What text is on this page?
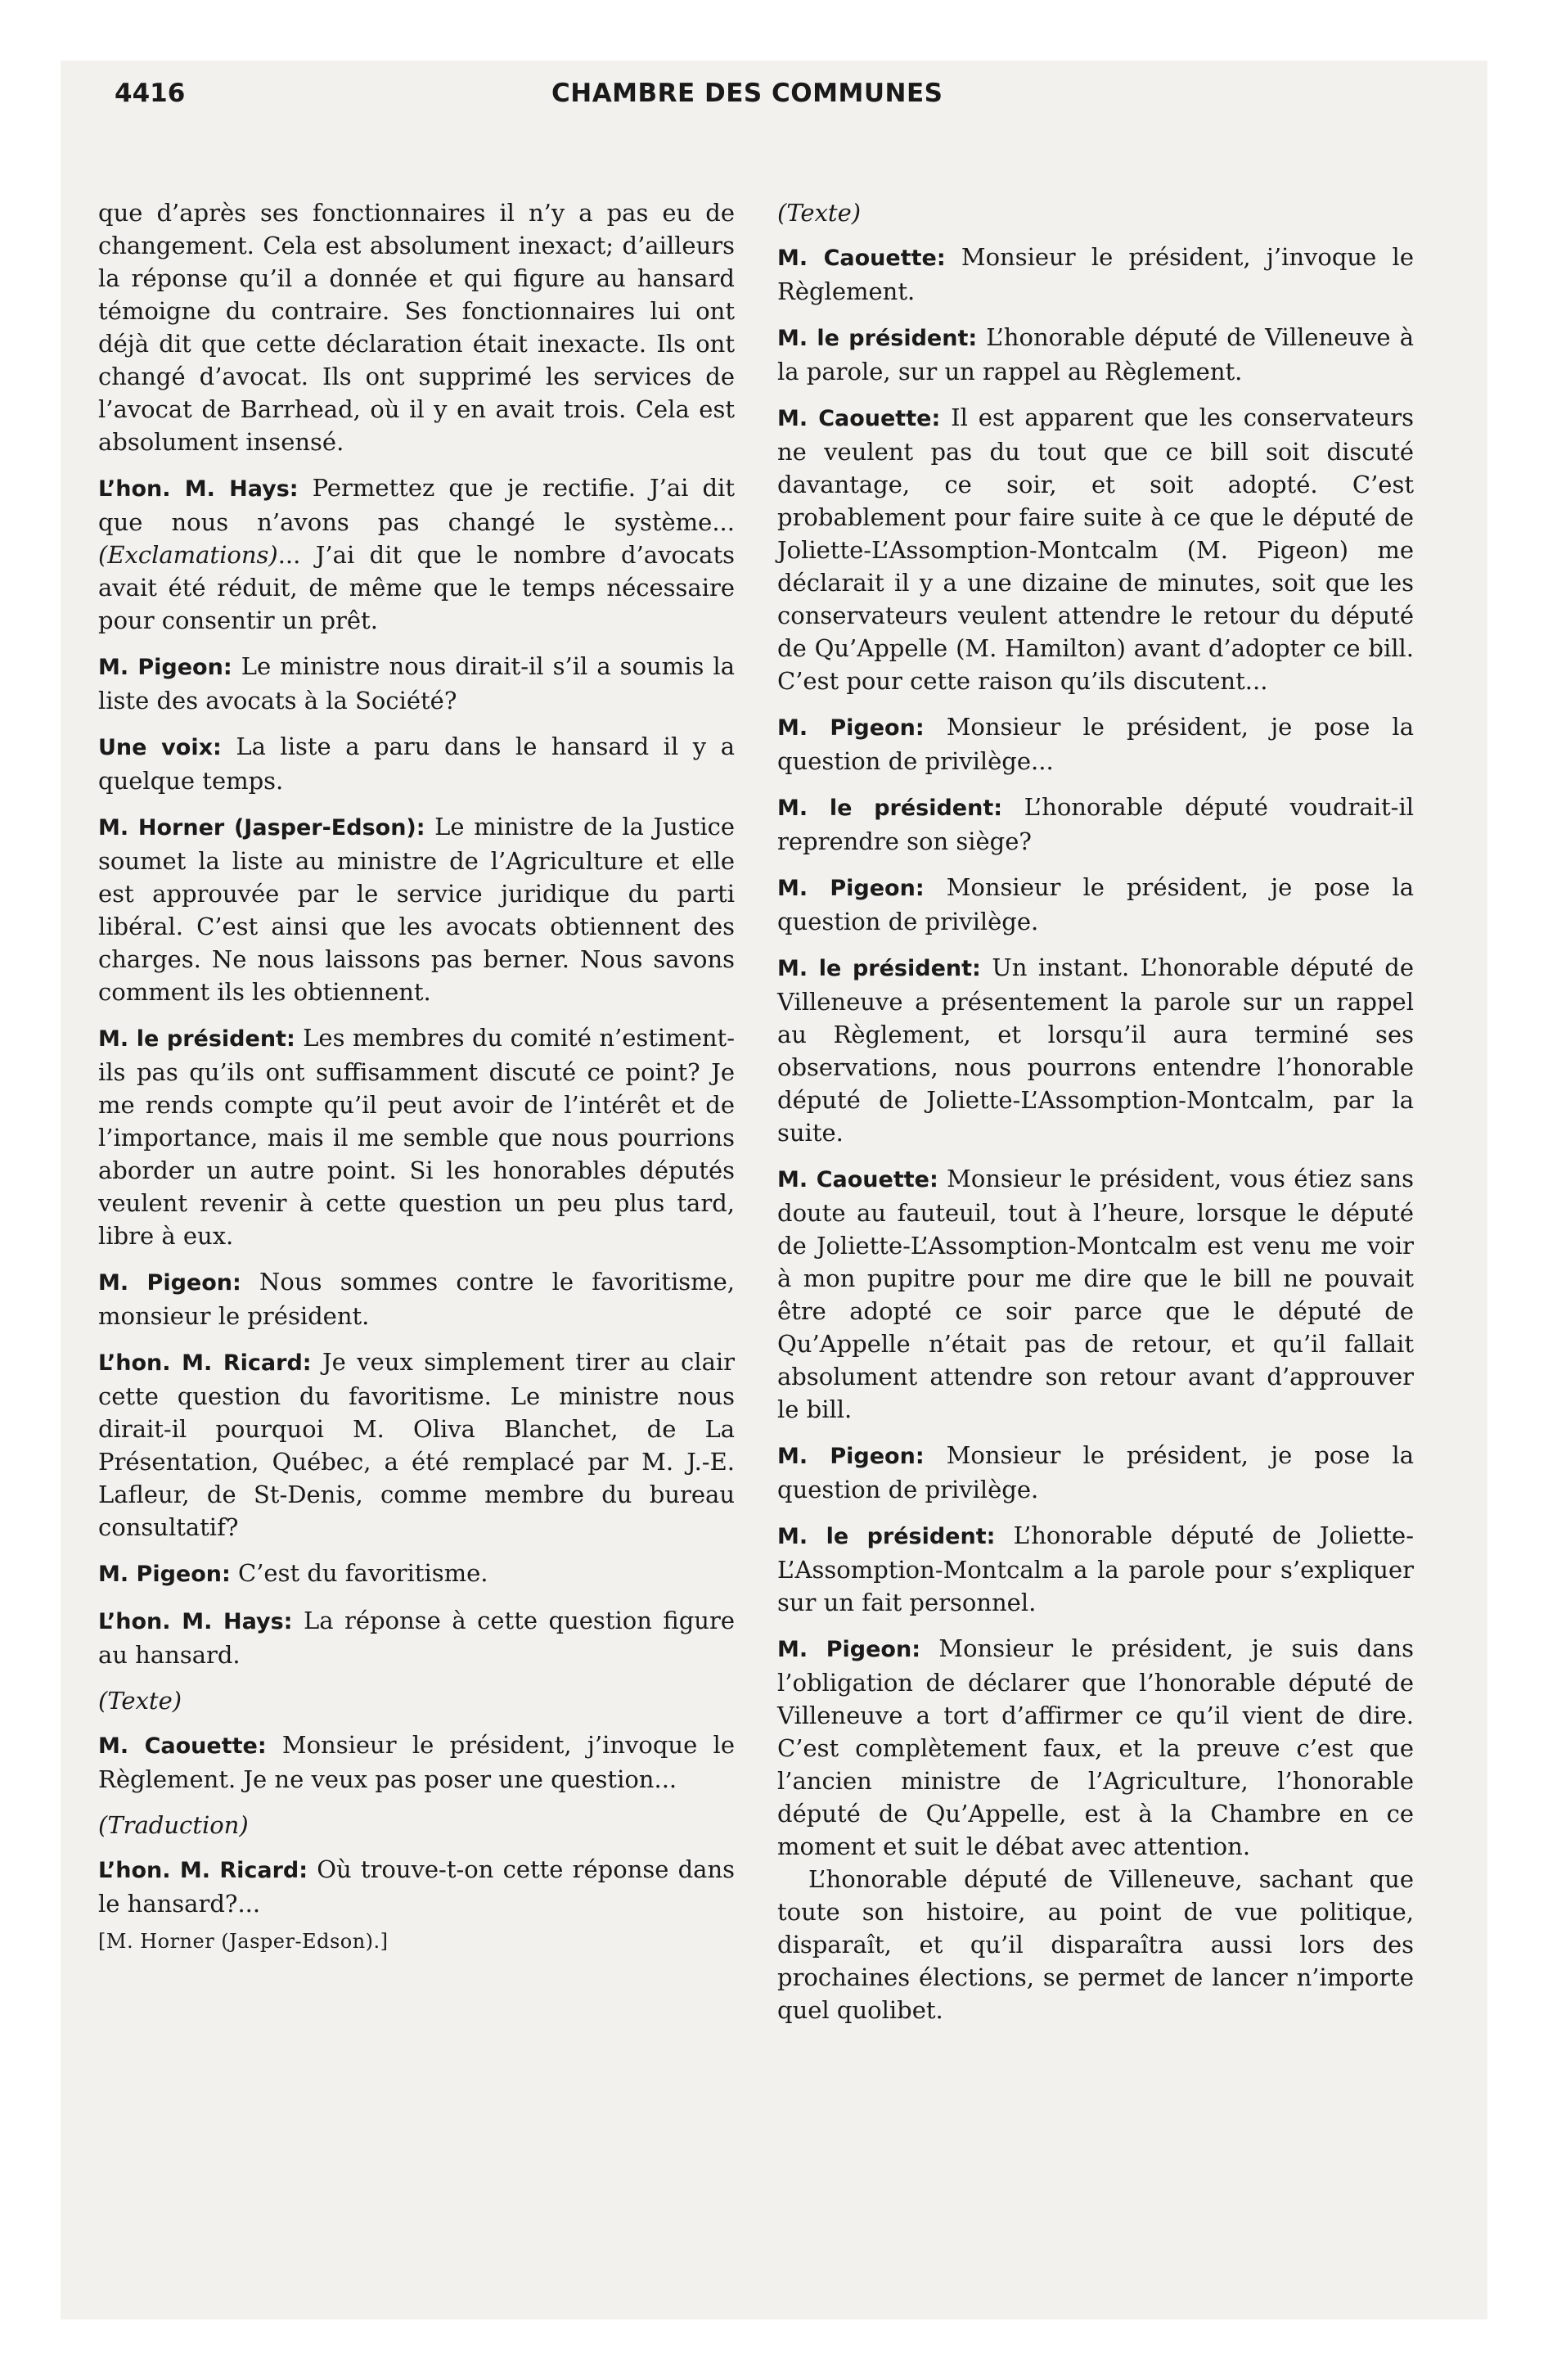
4416	CHAMBRE DES COMMUNES

que d’après ses fonctionnaires il n’y a pas eu de changement. Cela est absolument inexact; d’ailleurs la réponse qu’il a donnée et qui figure au hansard témoigne du contraire. Ses fonctionnaires lui ont déjà dit que cette déclaration était inexacte. Ils ont changé d’avocat. Ils ont supprimé les services de l’avocat de Barrhead, où il y en avait trois. Cela est absolument insensé.

L’hon. M. Hays: Permettez que je rectifie. J’ai dit que nous n’avons pas changé le système... (Exclamations)... J’ai dit que le nombre d’avocats avait été réduit, de même que le temps nécessaire pour consentir un prêt.

M. Pigeon: Le ministre nous dirait-il s’il a soumis la liste des avocats à la Société?

Une voix: La liste a paru dans le hansard il y a quelque temps.

M. Horner (Jasper-Edson): Le ministre de la Justice soumet la liste au ministre de l’Agriculture et elle est approuvée par le service juridique du parti libéral. C’est ainsi que les avocats obtiennent des charges. Ne nous laissons pas berner. Nous savons comment ils les obtiennent.

M. le président: Les membres du comité n’estiment-ils pas qu’ils ont suffisamment discuté ce point? Je me rends compte qu’il peut avoir de l’intérêt et de l’importance, mais il me semble que nous pourrions aborder un autre point. Si les honorables députés veulent revenir à cette question un peu plus tard, libre à eux.

M. Pigeon: Nous sommes contre le favoritisme, monsieur le président.

L’hon. M. Ricard: Je veux simplement tirer au clair cette question du favoritisme. Le ministre nous dirait-il pourquoi M. Oliva Blanchet, de La Présentation, Québec, a été remplacé par M. J.-E. Lafleur, de St-Denis, comme membre du bureau consultatif?

M. Pigeon: C’est du favoritisme.

L’hon. M. Hays: La réponse à cette question figure au hansard.

(Texte)

M. Caouette: Monsieur le président, j’invoque le Règlement. Je ne veux pas poser une question...

(Traduction)

L’hon. M. Ricard: Où trouve-t-on cette réponse dans le hansard?...

[M. Horner (Jasper-Edson).]

(Texte)

M. Caouette: Monsieur le président, j’invoque le Règlement.

M. le président: L’honorable député de Villeneuve à la parole, sur un rappel au Règlement.

M. Caouette: Il est apparent que les conservateurs ne veulent pas du tout que ce bill soit discuté davantage, ce soir, et soit adopté. C’est probablement pour faire suite à ce que le député de Joliette-L’Assomption-Montcalm (M. Pigeon) me déclarait il y a une dizaine de minutes, soit que les conservateurs veulent attendre le retour du député de Qu’Appelle (M. Hamilton) avant d’adopter ce bill. C’est pour cette raison qu’ils discutent...

M. Pigeon: Monsieur le président, je pose la question de privilège...

M. le président: L’honorable député voudrait-il reprendre son siège?

M. Pigeon: Monsieur le président, je pose la question de privilège.

M. le président: Un instant. L’honorable député de Villeneuve a présentement la parole sur un rappel au Règlement, et lorsqu’il aura terminé ses observations, nous pourrons entendre l’honorable député de Joliette-L’Assomption-Montcalm, par la suite.

M. Caouette: Monsieur le président, vous étiez sans doute au fauteuil, tout à l’heure, lorsque le député de Joliette-L’Assomption-Montcalm est venu me voir à mon pupitre pour me dire que le bill ne pouvait être adopté ce soir parce que le député de Qu’Appelle n’était pas de retour, et qu’il fallait absolument attendre son retour avant d’approuver le bill.

M. Pigeon: Monsieur le président, je pose la question de privilège.

M. le président: L’honorable député de Joliette-L’Assomption-Montcalm a la parole pour s’expliquer sur un fait personnel.

M. Pigeon: Monsieur le président, je suis dans l’obligation de déclarer que l’honorable député de Villeneuve a tort d’affirmer ce qu’il vient de dire. C’est complètement faux, et la preuve c’est que l’ancien ministre de l’Agriculture, l’honorable député de Qu’Appelle, est à la Chambre en ce moment et suit le débat avec attention.

L’honorable député de Villeneuve, sachant que toute son histoire, au point de vue politique, disparaît, et qu’il disparaîtra aussi lors des prochaines élections, se permet de lancer n’importe quel quolibet.
